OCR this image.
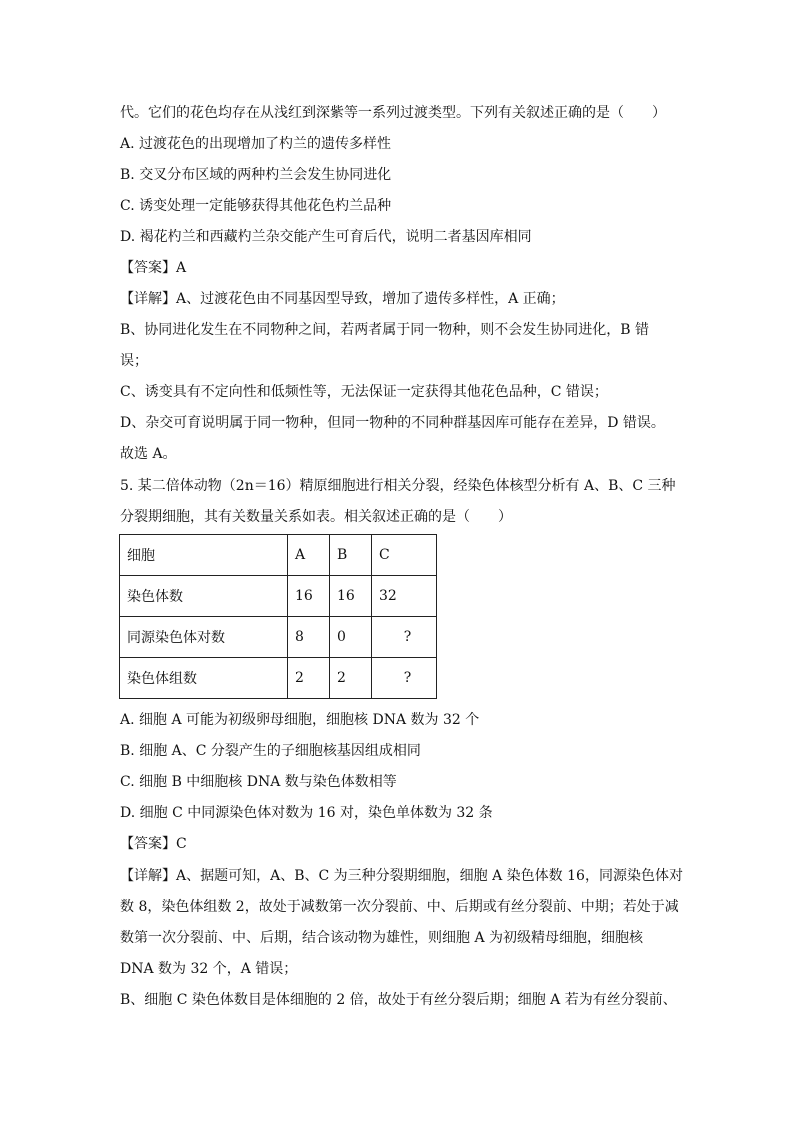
代。它们的花色均存在从浅红到深紫等一系列过渡类型。下列有关叙述正确的是（　　）
A. 过渡花色的出现增加了杓兰的遗传多样性
B. 交叉分布区域的两种杓兰会发生协同进化
C. 诱变处理一定能够获得其他花色杓兰品种
D. 褐花杓兰和西藏杓兰杂交能产生可育后代，说明二者基因库相同
【答案】A
【详解】A、过渡花色由不同基因型导致，增加了遗传多样性，A 正确；
B、协同进化发生在不同物种之间，若两者属于同一物种，则不会发生协同进化，B 错
误；
C、诱变具有不定向性和低频性等，无法保证一定获得其他花色品种，C 错误；
D、杂交可育说明属于同一物种，但同一物种的不同种群基因库可能存在差异，D 错误。
故选 A。
5. 某二倍体动物（2n＝16）精原细胞进行相关分裂，经染色体核型分析有 A、B、C 三种
分裂期细胞，其有关数量关系如表。相关叙述正确的是（　　）
细胞	A	B	C
染色体数	16	16	32
同源染色体对数	8	0	?
染色体组数	2	2	?
A. 细胞 A 可能为初级卵母细胞，细胞核 DNA 数为 32 个
B. 细胞 A、C 分裂产生的子细胞核基因组成相同
C. 细胞 B 中细胞核 DNA 数与染色体数相等
D. 细胞 C 中同源染色体对数为 16 对，染色单体数为 32 条
【答案】C
【详解】A、据题可知，A、B、C 为三种分裂期细胞，细胞 A 染色体数 16，同源染色体对
数 8，染色体组数 2，故处于减数第一次分裂前、中、后期或有丝分裂前、中期；若处于减
数第一次分裂前、中、后期，结合该动物为雄性，则细胞 A 为初级精母细胞，细胞核
DNA 数为 32 个，A 错误；
B、细胞 C 染色体数目是体细胞的 2 倍，故处于有丝分裂后期；细胞 A 若为有丝分裂前、
